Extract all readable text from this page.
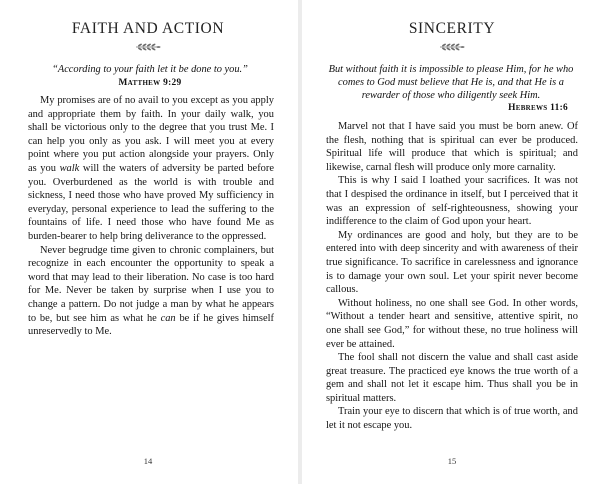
FAITH AND ACTION
“According to your faith let it be done to you.”
Matthew 9:29

My promises are of no avail to you except as you apply and appropriate them by faith. In your daily walk, you shall be victorious only to the degree that you trust Me. I can help you only as you ask. I will meet you at every point where you put action alongside your prayers. Only as you walk will the waters of adversity be parted before you. Overburdened as the world is with trouble and sickness, I need those who have proved My sufficiency in everyday, personal experience to lead the suffering to the fountains of life. I need those who have found Me as burden-bearer to help bring deliverance to the oppressed.

Never begrudge time given to chronic complainers, but recognize in each encounter the opportunity to speak a word that may lead to their liberation. No case is too hard for Me. Never be taken by surprise when I use you to change a pattern. Do not judge a man by what he appears to be, but see him as what he can be if he gives himself unreservedly to Me.

14
SINCERITY
But without faith it is impossible to please Him, for he who comes to God must believe that He is, and that He is a rewarder of those who diligently seek Him.
Hebrews 11:6

Marvel not that I have said you must be born anew. Of the flesh, nothing that is spiritual can ever be produced. Spiritual life will produce that which is spiritual; and likewise, carnal flesh will produce only more carnality.

This is why I said I loathed your sacrifices. It was not that I despised the ordinance in itself, but I perceived that it was an expression of self-righteousness, showing your indifference to the claim of God upon your heart.

My ordinances are good and holy, but they are to be entered into with deep sincerity and with awareness of their true significance. To sacrifice in carelessness and ignorance is to damage your own soul. Let your spirit never become callous.

Without holiness, no one shall see God. In other words, “Without a tender heart and sensitive, attentive spirit, no one shall see God,” for without these, no true holiness will ever be attained.

The fool shall not discern the value and shall cast aside great treasure. The practiced eye knows the true worth of a gem and shall not let it escape him. Thus shall you be in spiritual matters.

Train your eye to discern that which is of true worth, and let it not escape you.

15
